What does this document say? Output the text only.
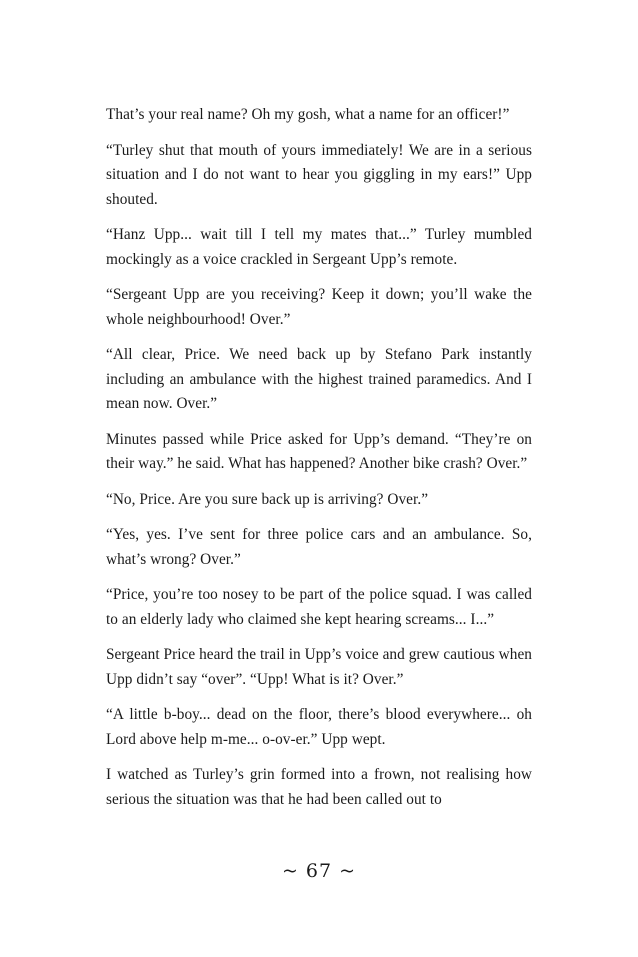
That’s your real name? Oh my gosh, what a name for an officer!”

“Turley shut that mouth of yours immediately! We are in a serious situation and I do not want to hear you giggling in my ears!” Upp shouted.

“Hanz Upp... wait till I tell my mates that...” Turley mumbled mockingly as a voice crackled in Sergeant Upp’s remote.

“Sergeant Upp are you receiving? Keep it down; you’ll wake the whole neighbourhood! Over.”

“All clear, Price. We need back up by Stefano Park instantly including an ambulance with the highest trained paramedics. And I mean now. Over.”

Minutes passed while Price asked for Upp’s demand. “They’re on their way.” he said. What has happened? Another bike crash? Over.”

“No, Price. Are you sure back up is arriving? Over.”

“Yes, yes. I’ve sent for three police cars and an ambulance. So, what’s wrong? Over.”

“Price, you’re too nosey to be part of the police squad. I was called to an elderly lady who claimed she kept hearing screams... I...”

Sergeant Price heard the trail in Upp’s voice and grew cautious when Upp didn’t say “over”. “Upp! What is it? Over.”

“A little b-boy... dead on the floor, there’s blood everywhere... oh Lord above help m-me... o-ov-er.” Upp wept.

I watched as Turley’s grin formed into a frown, not realising how serious the situation was that he had been called out to

~ 67 ~
